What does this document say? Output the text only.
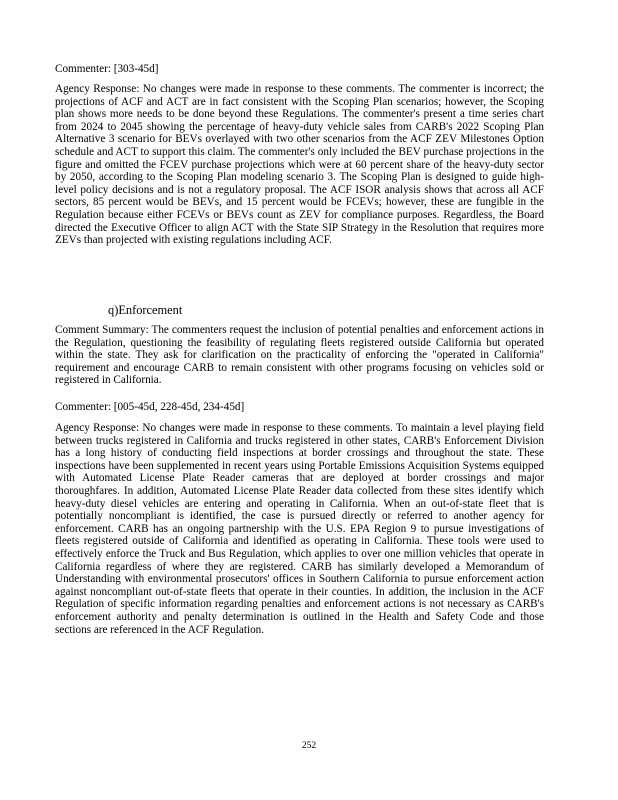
Commenter: [303-45d]

Agency Response: No changes were made in response to these comments. The commenter is incorrect; the projections of ACF and ACT are in fact consistent with the Scoping Plan scenarios; however, the Scoping plan shows more needs to be done beyond these Regulations. The commenter's present a time series chart from 2024 to 2045 showing the percentage of heavy-duty vehicle sales from CARB's 2022 Scoping Plan Alternative 3 scenario for BEVs overlayed with two other scenarios from the ACF ZEV Milestones Option schedule and ACT to support this claim. The commenter's only included the BEV purchase projections in the figure and omitted the FCEV purchase projections which were at 60 percent share of the heavy-duty sector by 2050, according to the Scoping Plan modeling scenario 3. The Scoping Plan is designed to guide high-level policy decisions and is not a regulatory proposal. The ACF ISOR analysis shows that across all ACF sectors, 85 percent would be BEVs, and 15 percent would be FCEVs; however, these are fungible in the Regulation because either FCEVs or BEVs count as ZEV for compliance purposes. Regardless, the Board directed the Executive Officer to align ACT with the State SIP Strategy in the Resolution that requires more ZEVs than projected with existing regulations including ACF.

q)Enforcement

Comment Summary: The commenters request the inclusion of potential penalties and enforcement actions in the Regulation, questioning the feasibility of regulating fleets registered outside California but operated within the state. They ask for clarification on the practicality of enforcing the "operated in California" requirement and encourage CARB to remain consistent with other programs focusing on vehicles sold or registered in California.

Commenter: [005-45d, 228-45d, 234-45d]

Agency Response: No changes were made in response to these comments. To maintain a level playing field between trucks registered in California and trucks registered in other states, CARB's Enforcement Division has a long history of conducting field inspections at border crossings and throughout the state. These inspections have been supplemented in recent years using Portable Emissions Acquisition Systems equipped with Automated License Plate Reader cameras that are deployed at border crossings and major thoroughfares. In addition, Automated License Plate Reader data collected from these sites identify which heavy-duty diesel vehicles are entering and operating in California. When an out-of-state fleet that is potentially noncompliant is identified, the case is pursued directly or referred to another agency for enforcement. CARB has an ongoing partnership with the U.S. EPA Region 9 to pursue investigations of fleets registered outside of California and identified as operating in California. These tools were used to effectively enforce the Truck and Bus Regulation, which applies to over one million vehicles that operate in California regardless of where they are registered. CARB has similarly developed a Memorandum of Understanding with environmental prosecutors' offices in Southern California to pursue enforcement action against noncompliant out-of-state fleets that operate in their counties. In addition, the inclusion in the ACF Regulation of specific information regarding penalties and enforcement actions is not necessary as CARB's enforcement authority and penalty determination is outlined in the Health and Safety Code and those sections are referenced in the ACF Regulation.

252
